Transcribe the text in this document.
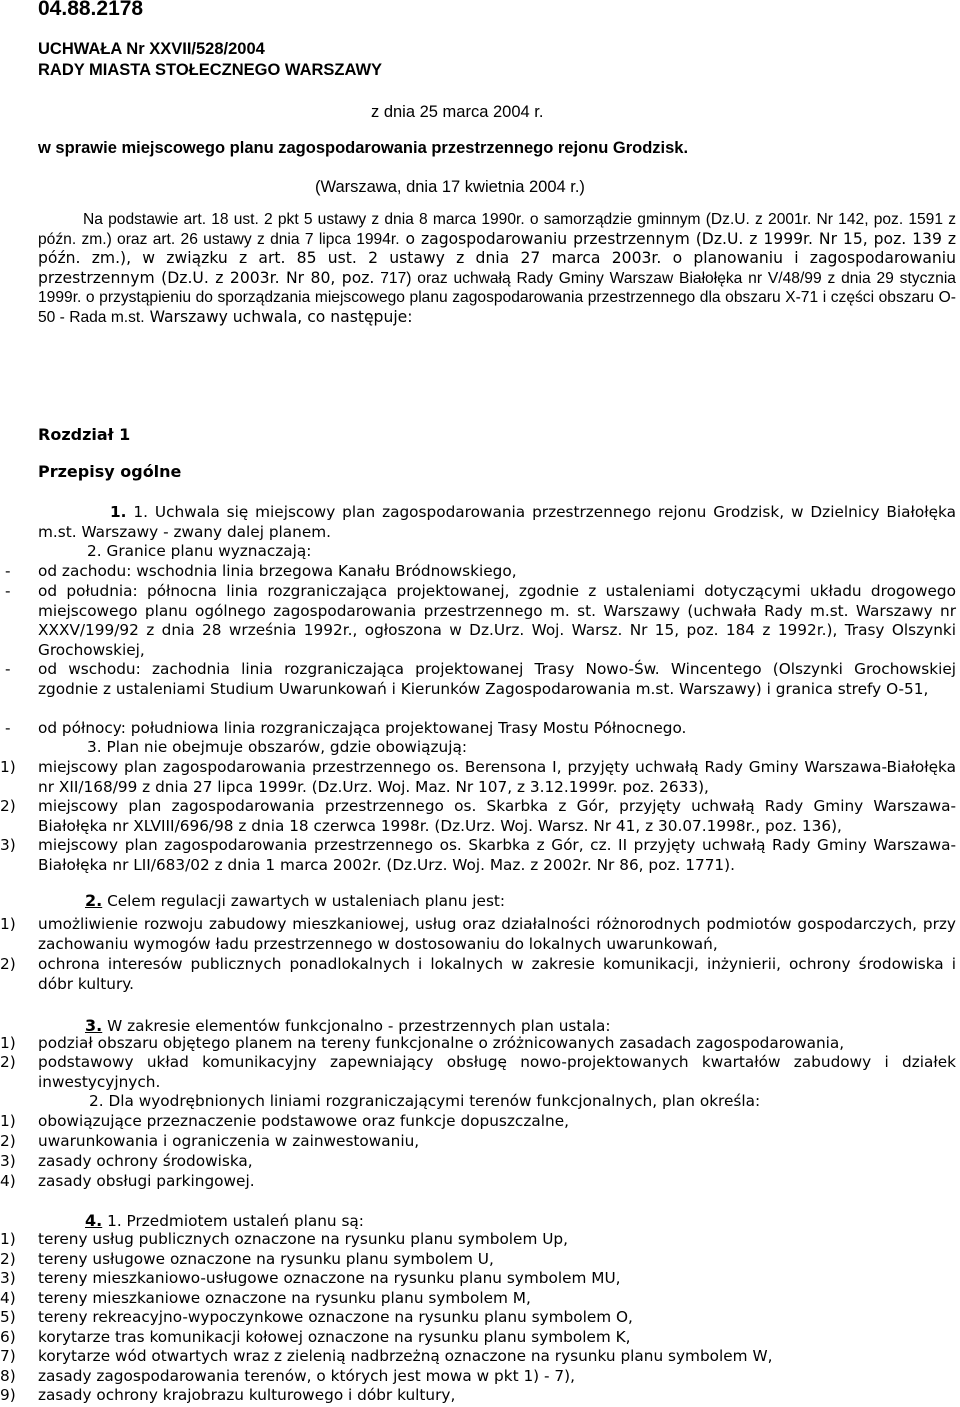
04.88.2178
UCHWAŁA Nr XXVII/528/2004
RADY MIASTA STOŁECZNEGO WARSZAWY
z dnia 25 marca 2004 r.
w sprawie miejscowego planu zagospodarowania przestrzennego rejonu Grodzisk.
(Warszawa, dnia 17 kwietnia 2004 r.)
Na podstawie art. 18 ust. 2 pkt 5 ustawy z dnia 8 marca 1990r. o samorządzie gminnym (Dz.U. z 2001r. Nr 142, poz. 1591 z późn. zm.) oraz art. 26 ustawy z dnia 7 lipca 1994r. o zagospodarowaniu przestrzennym (Dz.U. z 1999r. Nr 15, poz. 139 z późn. zm.), w związku z art. 85 ust. 2 ustawy z dnia 27 marca 2003r. o planowaniu i zagospodarowaniu przestrzennym (Dz.U. z 2003r. Nr 80, poz. 717) oraz uchwałą Rady Gminy Warszaw Białołęka nr V/48/99 z dnia 29 stycznia 1999r. o przystąpieniu do sporządzania miejscowego planu zagospodarowania przestrzennego dla obszaru X-71 i części obszaru O-50 - Rada m.st. Warszawy uchwala, co następuje:
Rozdział 1
Przepisy ogólne
1. 1. Uchwala się miejscowy plan zagospodarowania przestrzennego rejonu Grodzisk, w Dzielnicy Białołęka m.st. Warszawy - zwany dalej planem.
2. Granice planu wyznaczają:
- od zachodu: wschodnia linia brzegowa Kanału Bródnowskiego,
- od południa: północna linia rozgraniczająca projektowanej, zgodnie z ustaleniami dotyczącymi układu drogowego miejscowego planu ogólnego zagospodarowania przestrzennego m. st. Warszawy (uchwała Rady m.st. Warszawy nr XXXV/199/92 z dnia 28 września 1992r., ogłoszona w Dz.Urz. Woj. Warsz. Nr 15, poz. 184 z 1992r.), Trasy Olszynki Grochowskiej,
- od wschodu: zachodnia linia rozgraniczająca projektowanej Trasy Nowo-Św. Wincentego (Olszynki Grochowskiej zgodnie z ustaleniami Studium Uwarunkowań i Kierunków Zagospodarowania m.st. Warszawy) i granica strefy O-51,
- od północy: południowa linia rozgraniczająca projektowanej Trasy Mostu Północnego.
3. Plan nie obejmuje obszarów, gdzie obowiązują:
1) miejscowy plan zagospodarowania przestrzennego os. Berensona I, przyjęty uchwałą Rady Gminy Warszawa-Białołęka nr XII/168/99 z dnia 27 lipca 1999r. (Dz.Urz. Woj. Maz. Nr 107, z 3.12.1999r. poz. 2633),
2) miejscowy plan zagospodarowania przestrzennego os. Skarbka z Gór, przyjęty uchwałą Rady Gminy Warszawa-Białołęka nr XLVIII/696/98 z dnia 18 czerwca 1998r. (Dz.Urz. Woj. Warsz. Nr 41, z 30.07.1998r., poz. 136),
3) miejscowy plan zagospodarowania przestrzennego os. Skarbka z Gór, cz. II przyjęty uchwałą Rady Gminy Warszawa-Białołęka nr LII/683/02 z dnia 1 marca 2002r. (Dz.Urz. Woj. Maz. z 2002r. Nr 86, poz. 1771).
2. Celem regulacji zawartych w ustaleniach planu jest:
1) umożliwienie rozwoju zabudowy mieszkaniowej, usług oraz działalności różnorodnych podmiotów gospodarczych, przy zachowaniu wymogów ładu przestrzennego w dostosowaniu do lokalnych uwarunkowań,
2) ochrona interesów publicznych ponadlokalnych i lokalnych w zakresie komunikacji, inżynierii, ochrony środowiska i dóbr kultury.
3. W zakresie elementów funkcjonalno - przestrzennych plan ustala:
1) podział obszaru objętego planem na tereny funkcjonalne o zróżnicowanych zasadach zagospodarowania,
2) podstawowy układ komunikacyjny zapewniający obsługę nowo-projektowanych kwartałów zabudowy i działek inwestycyjnych.
2. Dla wyodrębnionych liniami rozgraniczającymi terenów funkcjonalnych, plan określa:
1) obowiązujące przeznaczenie podstawowe oraz funkcje dopuszczalne,
2) uwarunkowania i ograniczenia w zainwestowaniu,
3) zasady ochrony środowiska,
4) zasady obsługi parkingowej.
4. 1. Przedmiotem ustaleń planu są:
1) tereny usług publicznych oznaczone na rysunku planu symbolem Up,
2) tereny usługowe oznaczone na rysunku planu symbolem U,
3) tereny mieszkaniowo-usługowe oznaczone na rysunku planu symbolem MU,
4) tereny mieszkaniowe oznaczone na rysunku planu symbolem M,
5) tereny rekreacyjno-wypoczynkowe oznaczone na rysunku planu symbolem O,
6) korytarze tras komunikacji kołowej oznaczone na rysunku planu symbolem K,
7) korytarze wód otwartych wraz z zielenią nadbrzeżną oznaczone na rysunku planu symbolem W,
8) zasady zagospodarowania terenów, o których jest mowa w pkt 1) - 7),
9) zasady ochrony krajobrazu kulturowego i dóbr kultury,
